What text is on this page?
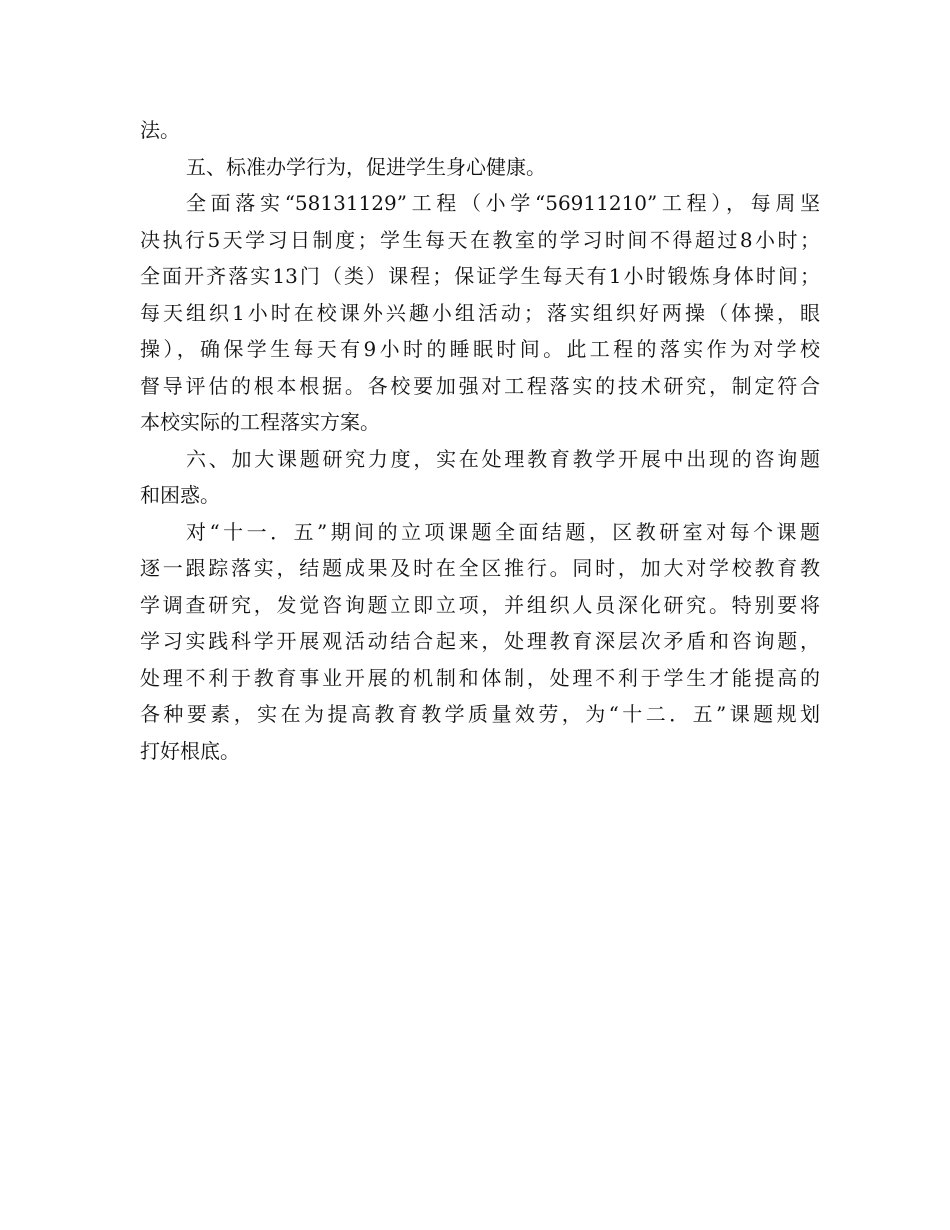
法。
五、标准办学行为，促进学生身心健康。
全面落实“58131129”工程（小学“56911210”工程），每周坚
决执行5天学习日制度；学生每天在教室的学习时间不得超过8小时；
全面开齐落实13门（类）课程；保证学生每天有1小时锻炼身体时间；
每天组织1小时在校课外兴趣小组活动；落实组织好两操（体操，眼
操），确保学生每天有9小时的睡眠时间。此工程的落实作为对学校
督导评估的根本根据。各校要加强对工程落实的技术研究，制定符合
本校实际的工程落实方案。
六、加大课题研究力度，实在处理教育教学开展中出现的咨询题
和困惑。
对“十一．五”期间的立项课题全面结题，区教研室对每个课题
逐一跟踪落实，结题成果及时在全区推行。同时，加大对学校教育教
学调查研究，发觉咨询题立即立项，并组织人员深化研究。特别要将
学习实践科学开展观活动结合起来，处理教育深层次矛盾和咨询题，
处理不利于教育事业开展的机制和体制，处理不利于学生才能提高的
各种要素，实在为提高教育教学质量效劳，为“十二．五”课题规划
打好根底。
